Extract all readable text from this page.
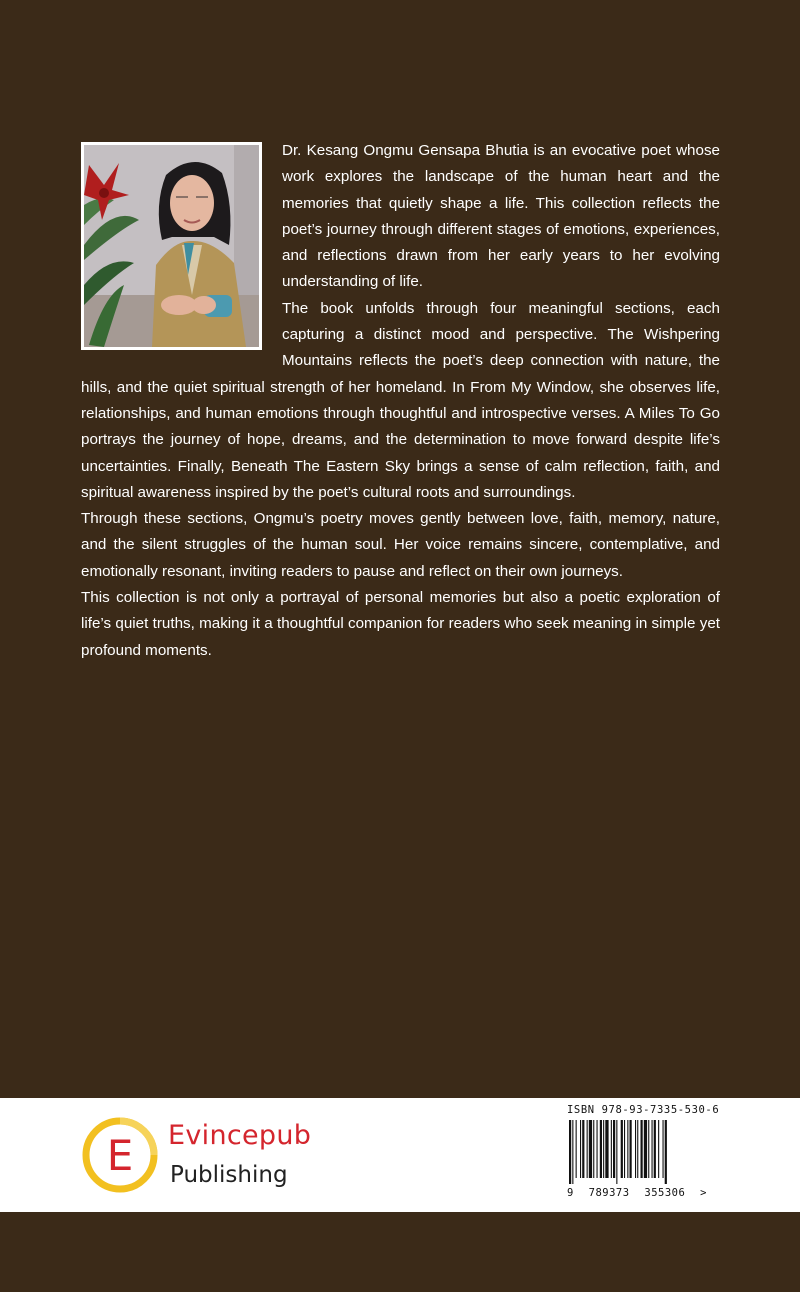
Dr. Kesang Ongmu Gensapa Bhutia is an evocative poet whose work explores the landscape of the human heart and the memories that quietly shape a life. This collection reflects the poet’s journey through different stages of emotions, experiences, and reflections drawn from her early years to her evolving understanding of life.

The book unfolds through four meaningful sections, each capturing a distinct mood and perspective. The Wishpering Mountains reflects the poet’s deep connection with nature, the hills, and the quiet spiritual strength of her homeland. In From My Window, she observes life, relationships, and human emotions through thoughtful and introspective verses. A Miles To Go portrays the journey of hope, dreams, and the determination to move forward despite life’s uncertainties. Finally, Beneath The Eastern Sky brings a sense of calm reflection, faith, and spiritual awareness inspired by the poet’s cultural roots and surroundings.

Through these sections, Ongmu’s poetry moves gently between love, faith, memory, nature, and the silent struggles of the human soul. Her voice remains sincere, contemplative, and emotionally resonant, inviting readers to pause and reflect on their own journeys.

This collection is not only a portrayal of personal memories but also a poetic exploration of life’s quiet truths, making it a thoughtful companion for readers who seek meaning in simple yet profound moments.

E Evincepub
Publishing
ISBN 978-93-7335-530-6
9 789373 355306 >
